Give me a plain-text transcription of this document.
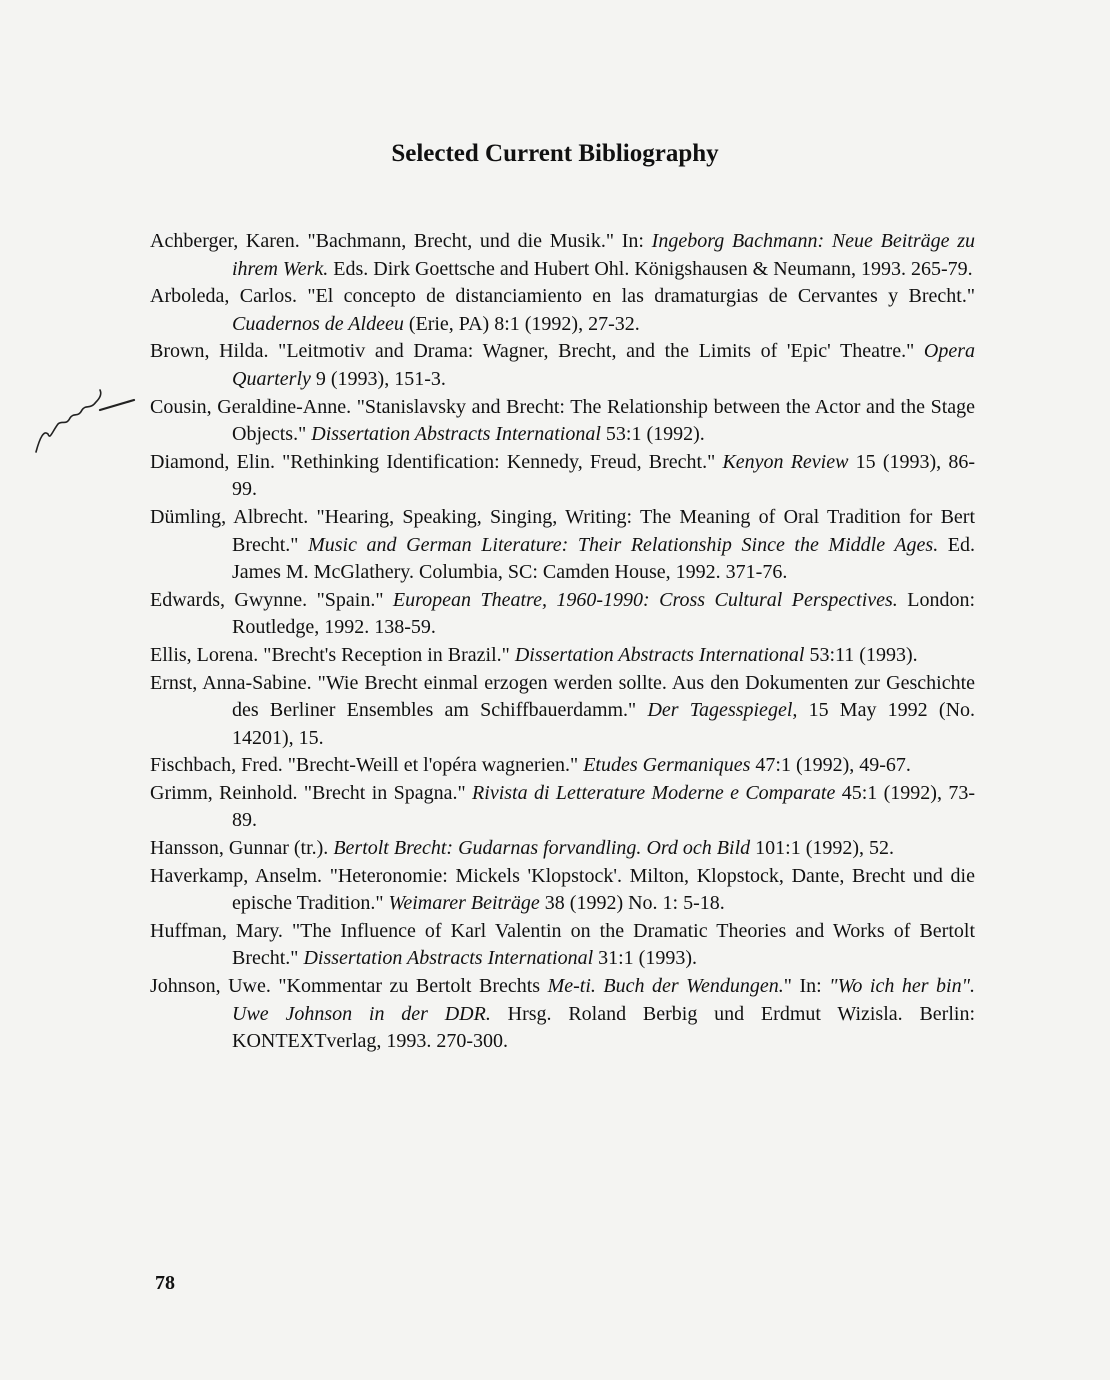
Selected Current Bibliography

Achberger, Karen. "Bachmann, Brecht, und die Musik." In: Ingeborg Bachmann: Neue Beiträge zu ihrem Werk. Eds. Dirk Goettsche and Hubert Ohl. Königshausen & Neumann, 1993. 265-79.

Arboleda, Carlos. "El concepto de distanciamiento en las dramaturgias de Cervantes y Brecht." Cuadernos de Aldeeu (Erie, PA) 8:1 (1992), 27-32.

Brown, Hilda. "Leitmotiv and Drama: Wagner, Brecht, and the Limits of 'Epic' Theatre." Opera Quarterly 9 (1993), 151-3.

Cousin, Geraldine-Anne. "Stanislavsky and Brecht: The Relationship between the Actor and the Stage Objects." Dissertation Abstracts International 53:1 (1992).

Diamond, Elin. "Rethinking Identification: Kennedy, Freud, Brecht." Kenyon Review 15 (1993), 86-99.

Dümling, Albrecht. "Hearing, Speaking, Singing, Writing: The Meaning of Oral Tradition for Bert Brecht." Music and German Literature: Their Relationship Since the Middle Ages. Ed. James M. McGlathery. Columbia, SC: Camden House, 1992. 371-76.

Edwards, Gwynne. "Spain." European Theatre, 1960-1990: Cross Cultural Perspectives. London: Routledge, 1992. 138-59.

Ellis, Lorena. "Brecht's Reception in Brazil." Dissertation Abstracts International 53:11 (1993).

Ernst, Anna-Sabine. "Wie Brecht einmal erzogen werden sollte. Aus den Dokumenten zur Geschichte des Berliner Ensembles am Schiffbauerdamm." Der Tagesspiegel, 15 May 1992 (No. 14201), 15.

Fischbach, Fred. "Brecht-Weill et l'opéra wagnerien." Etudes Germaniques 47:1 (1992), 49-67.

Grimm, Reinhold. "Brecht in Spagna." Rivista di Letterature Moderne e Comparate 45:1 (1992), 73-89.

Hansson, Gunnar (tr.). Bertolt Brecht: Gudarnas forvandling. Ord och Bild 101:1 (1992), 52.

Haverkamp, Anselm. "Heteronomie: Mickels 'Klopstock'. Milton, Klopstock, Dante, Brecht und die epische Tradition." Weimarer Beiträge 38 (1992) No. 1: 5-18.

Huffman, Mary. "The Influence of Karl Valentin on the Dramatic Theories and Works of Bertolt Brecht." Dissertation Abstracts International 31:1 (1993).

Johnson, Uwe. "Kommentar zu Bertolt Brechts Me-ti. Buch der Wendungen." In: "Wo ich her bin". Uwe Johnson in der DDR. Hrsg. Roland Berbig und Erdmut Wizisla. Berlin: KONTEXTverlag, 1993. 270-300.

78
